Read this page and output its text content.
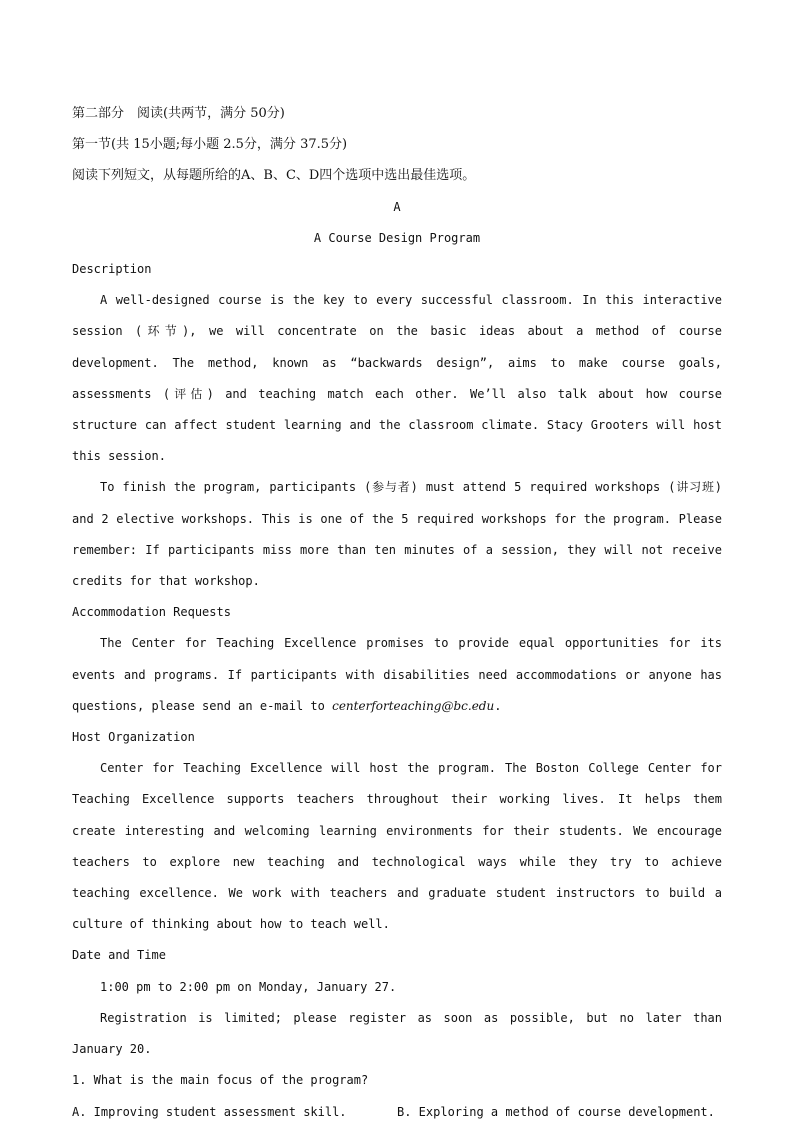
第二部分　阅读(共两节，满分 50分)
第一节(共 15小题;每小题 2.5分，满分 37.5分)
阅读下列短文，从每题所给的A、B、C、D四个选项中选出最佳选项。
A
A Course Design Program
Description
A well-designed course is the key to every successful classroom. In this interactive session (环节), we will concentrate on the basic ideas about a method of course development. The method, known as “backwards design”, aims to make course goals, assessments (评估) and teaching match each other. We’ll also talk about how course structure can affect student learning and the classroom climate. Stacy Grooters will host this session.
To finish the program, participants (参与者) must attend 5 required workshops (讲习班) and 2 elective workshops. This is one of the 5 required workshops for the program. Please remember: If participants miss more than ten minutes of a session, they will not receive credits for that workshop.
Accommodation Requests
The Center for Teaching Excellence promises to provide equal opportunities for its events and programs. If participants with disabilities need accommodations or anyone has questions, please send an e-mail to centerforteaching@bc.edu.
Host Organization
Center for Teaching Excellence will host the program. The Boston College Center for Teaching Excellence supports teachers throughout their working lives. It helps them create interesting and welcoming learning environments for their students. We encourage teachers to explore new teaching and technological ways while they try to achieve teaching excellence. We work with teachers and graduate student instructors to build a culture of thinking about how to teach well.
Date and Time
1:00 pm to 2:00 pm on Monday, January 27.
Registration is limited; please register as soon as possible, but no later than January 20.
1. What is the main focus of the program?
A. Improving student assessment skill.	B. Exploring a method of course development.
